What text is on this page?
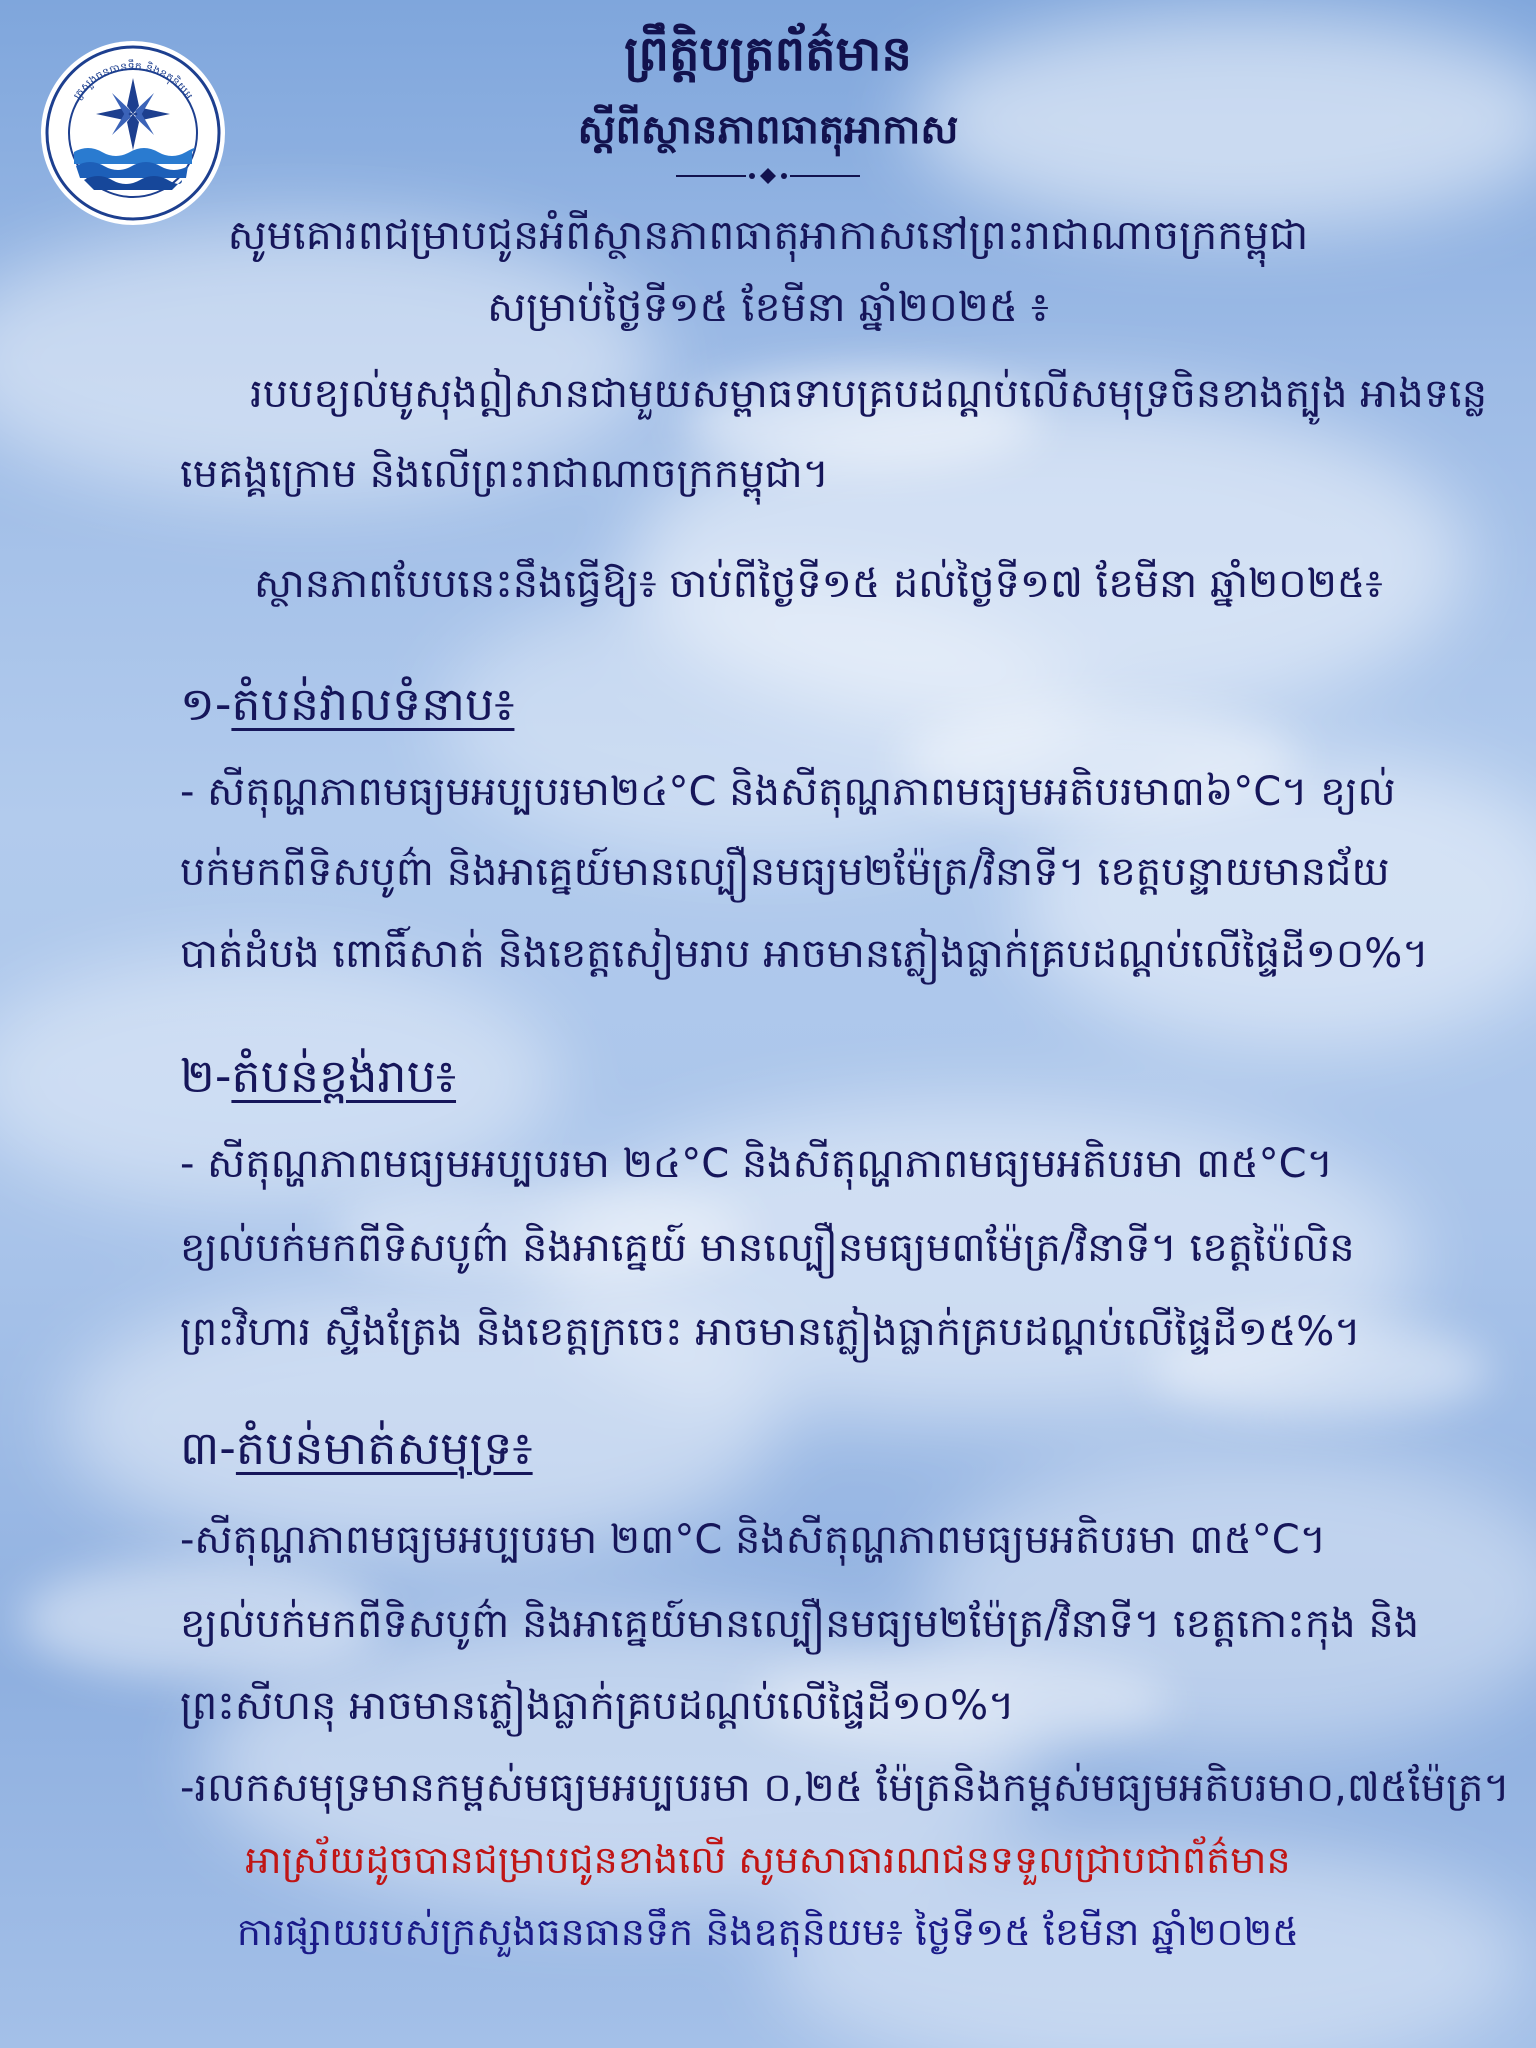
ក្រសួងធនធានទឹក និងឧតុនិយម
ព្រឹត្តិបត្រព័ត៌មាន
ស្តីពីស្ថានភាពធាតុអាកាស
សូមគោរពជម្រាបជូនអំពីស្ថានភាពធាតុអាកាសនៅព្រះរាជាណាចក្រកម្ពុជា
សម្រាប់ថ្ងៃទី១៥ ខែមីនា ឆ្នាំ២០២៥ ៖
របបខ្យល់មូសុងឦសានជាមួយសម្ពាធទាបគ្របដណ្តប់លើសមុទ្រចិនខាងត្បូង អាងទន្លេ
មេគង្គក្រោម និងលើព្រះរាជាណាចក្រកម្ពុជា។
ស្ថានភាពបែបនេះនឹងធ្វើឱ្យ៖ ចាប់ពីថ្ងៃទី១៥ ដល់ថ្ងៃទី១៧ ខែមីនា ឆ្នាំ២០២៥៖
១-តំបន់វាលទំនាប៖
- សីតុណ្ហភាពមធ្យមអប្បបរមា២៤°C និងសីតុណ្ហភាពមធ្យមអតិបរមា៣៦°C។ ខ្យល់
បក់មកពីទិសបូព៌ា និងអាគ្នេយ៍មានល្បឿនមធ្យម២ម៉ែត្រ/វិនាទី។ ខេត្តបន្ទាយមានជ័យ
បាត់ដំបង ពោធិ៍សាត់ និងខេត្តសៀមរាប អាចមានភ្លៀងធ្លាក់គ្របដណ្តប់លើផ្ទៃដី១០%។
២-តំបន់ខ្ពង់រាប៖
- សីតុណ្ហភាពមធ្យមអប្បបរមា ២៤°C និងសីតុណ្ហភាពមធ្យមអតិបរមា ៣៥°C។
ខ្យល់បក់មកពីទិសបូព៌ា និងអាគ្នេយ៍ មានល្បឿនមធ្យម៣ម៉ែត្រ/វិនាទី។ ខេត្តប៉ៃលិន
ព្រះវិហារ ស្ទឹងត្រែង និងខេត្តក្រចេះ អាចមានភ្លៀងធ្លាក់គ្របដណ្តប់លើផ្ទៃដី១៥%។
៣-តំបន់មាត់សមុទ្រ៖
-សីតុណ្ហភាពមធ្យមអប្បបរមា ២៣°C និងសីតុណ្ហភាពមធ្យមអតិបរមា ៣៥°C។
ខ្យល់បក់មកពីទិសបូព៌ា និងអាគ្នេយ៍មានល្បឿនមធ្យម២ម៉ែត្រ/វិនាទី។ ខេត្តកោះកុង និង
ព្រះសីហនុ អាចមានភ្លៀងធ្លាក់គ្របដណ្តប់លើផ្ទៃដី១០%។
-រលកសមុទ្រមានកម្ពស់មធ្យមអប្បបរមា ០,២៥ ម៉ែត្រនិងកម្ពស់មធ្យមអតិបរមា០,៧៥ម៉ែត្រ។
អាស្រ័យដូចបានជម្រាបជូនខាងលើ សូមសាធារណជនទទួលជ្រាបជាព័ត៌មាន
ការផ្សាយរបស់ក្រសួងធនធានទឹក និងឧតុនិយម៖ ថ្ងៃទី១៥ ខែមីនា ឆ្នាំ២០២៥
